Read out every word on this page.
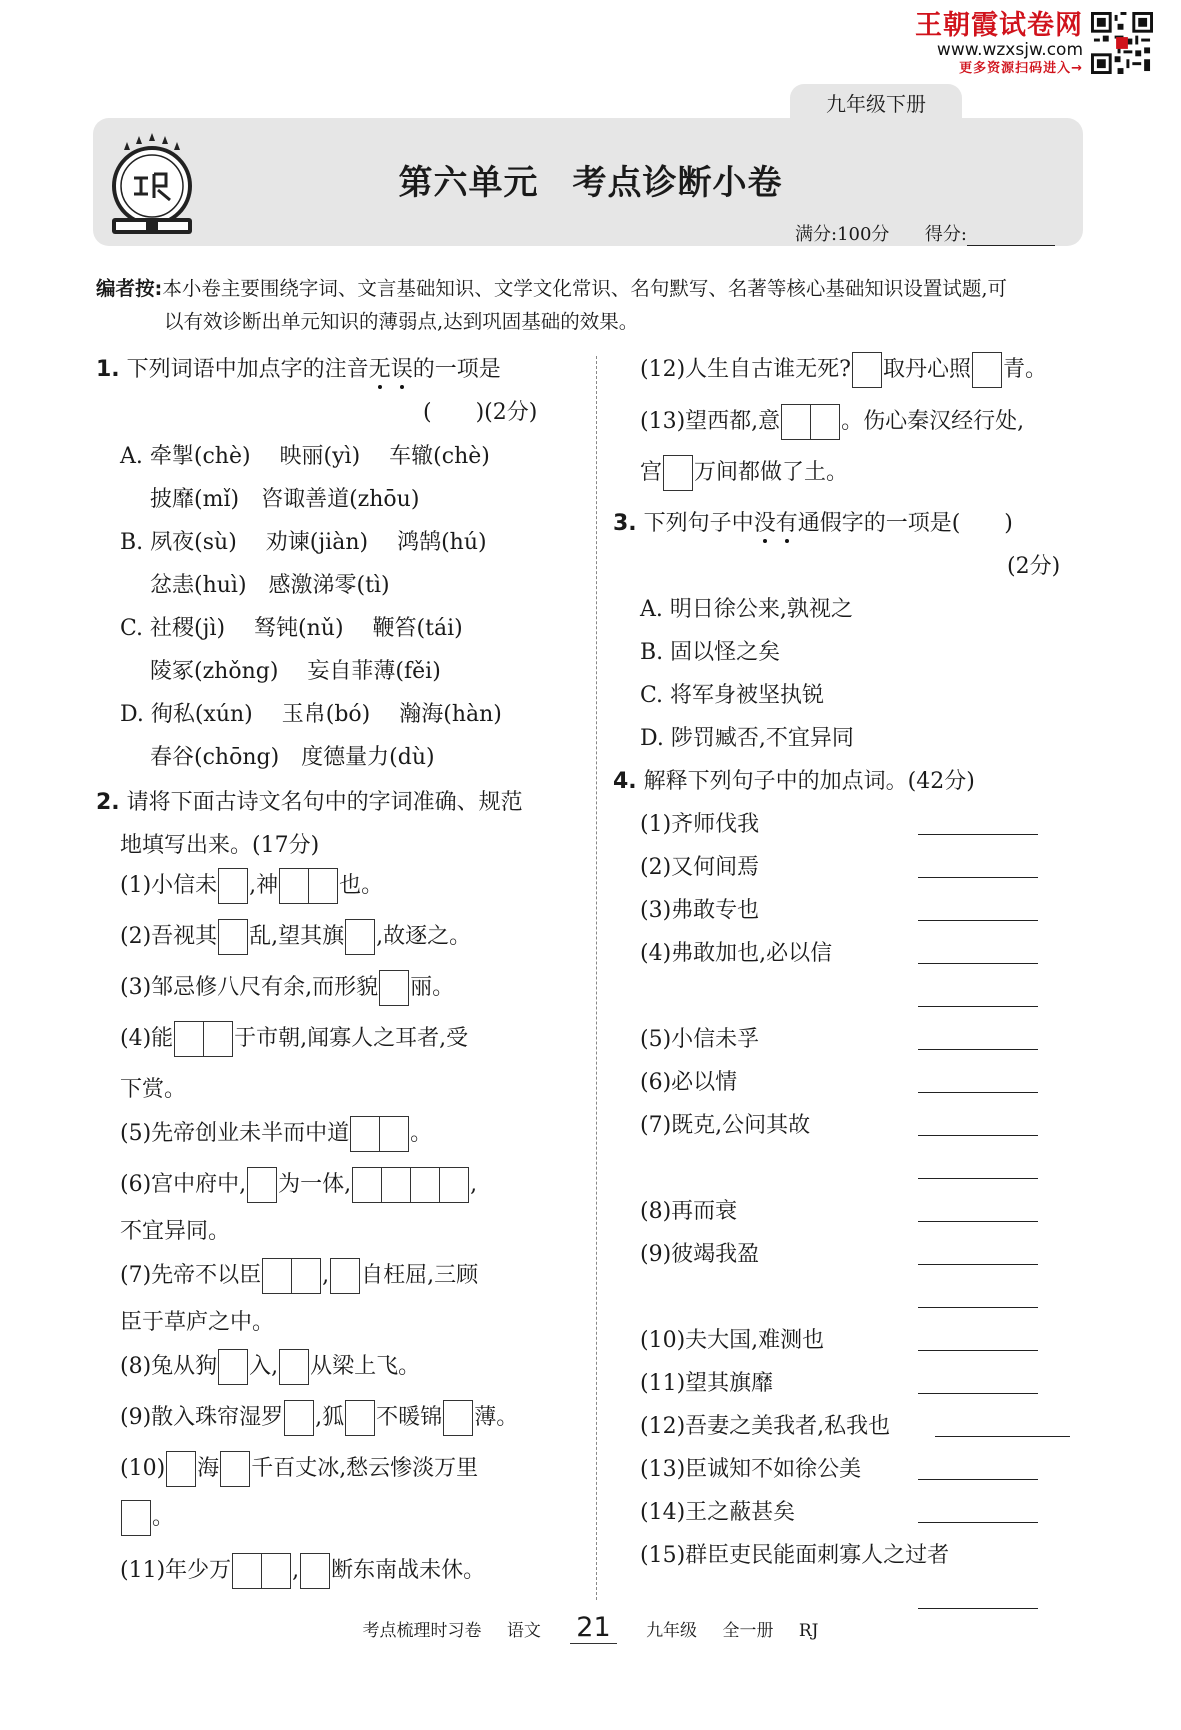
王朝霞试卷网
www.wzxsjw.com
更多资源扫码进入→
九年级下册
第六单元 考点诊断小卷
满分:100分 得分:
编者按:本小卷主要围绕字词、文言基础知识、文学文化常识、名句默写、名著等核心基础知识设置试题,可
以有效诊断出单元知识的薄弱点,达到巩固基础的效果。
1. 下列词语中加点字的注音无误的一项是
(　　)(2分)
A. 牵掣(chè)　 映丽(yì)　 车辙(chè)
披靡(mǐ)　咨诹善道(zhōu)
B. 夙夜(sù)　 劝谏(jiàn)　 鸿鹄(hú)
忿恚(huì)　感激涕零(tì)
C. 社稷(jì)　 驽钝(nǔ)　 鞭笞(tái)
陵冢(zhǒng)　 妄自菲薄(fěi)
D. 徇私(xún)　 玉帛(bó)　 瀚海(hàn)
春谷(chōng)　度德量力(dù)
2. 请将下面古诗文名句中的字词准确、规范
地填写出来。(17分)
(1)小信未 ,神	也。
(2)吾视其 乱,望其旗 ,故逐之。
(3)邹忌修八尺有余,而形貌 丽。
(4)能	于市朝,闻寡人之耳者,受
下赏。
(5)先帝创业未半而中道	。
(6)宫中府中, 为一体,	,
不宜异同。
(7)先帝不以臣	, 自枉屈,三顾
臣于草庐之中。
(8)兔从狗 入, 从梁上飞。
(9)散入珠帘湿罗 ,狐 不暖锦 薄。
(10) 海 千百丈冰,愁云惨淡万里
。
(11)年少万	, 断东南战未休。
(12)人生自古谁无死? 取丹心照 青。
(13)望西都,意	。伤心秦汉经行处,
宫 万间都做了土。
3. 下列句子中没有通假字的一项是(　　)
(2分)
A. 明日徐公来,孰视之
B. 固以怪之矣
C. 将军身被坚执锐
D. 陟罚臧否,不宜异同
4. 解释下列句子中的加点词。(42分)
(1)齐师伐我
(2)又何间焉
(3)弗敢专也
(4)弗敢加也,必以信
(5)小信未孚
(6)必以情
(7)既克,公问其故
(8)再而衰
(9)彼竭我盈
(10)夫大国,难测也
(11)望其旗靡
(12)吾妻之美我者,私我也
(13)臣诚知不如徐公美
(14)王之蔽甚矣
(15)群臣吏民能面刺寡人之过者
考点梳理时习卷 语文 21 九年级 全一册 RJ
